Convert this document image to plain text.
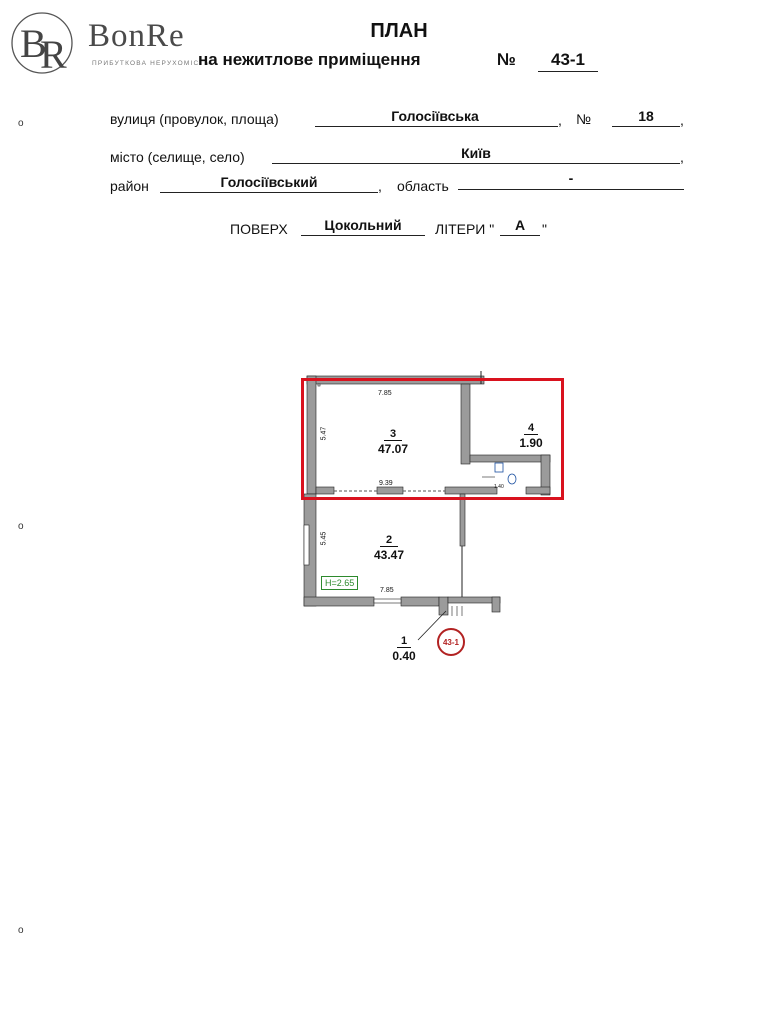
B
R BonRe
ПРИБУТКОВА НЕРУХОМІСТЬ
ПЛАН
на нежитлове приміщення	№	43-1
о	вулиця (провулок, площа)	Голосіївська	, №	18	,
місто (селище, село)	Київ	,
район	Голосіївський	, область	-
ПОВЕРХ	Цокольний	ЛІТЕРИ "	А	"
о
о
7.85
5.47
9.39	1.40
5.45
7.85
3
47.07
4
1.90
2
43.47
1
0.40
H=2.65
43-1
